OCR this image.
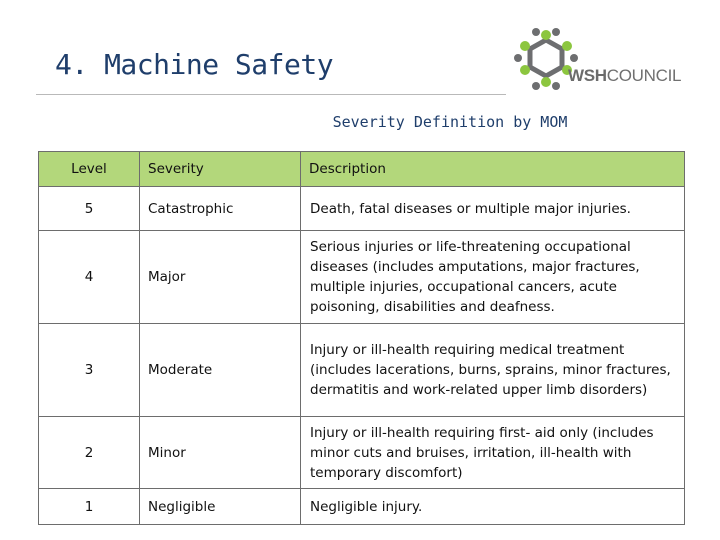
4. Machine Safety	WSHCOUNCIL
Severity Definition by MOM
Level	Severity	Description
5	Catastrophic	Death, fatal diseases or multiple major injuries.
4	Major	Serious injuries or life-threatening occupational diseases (includes amputations, major fractures, multiple injuries, occupational cancers, acute poisoning, disabilities and deafness.
3	Moderate	Injury or ill-health requiring medical treatment (includes lacerations, burns, sprains, minor fractures, dermatitis and work-related upper limb disorders)
2	Minor	Injury or ill-health requiring first- aid only (includes minor cuts and bruises, irritation, ill-health with temporary discomfort)
1	Negligible	Negligible injury.
